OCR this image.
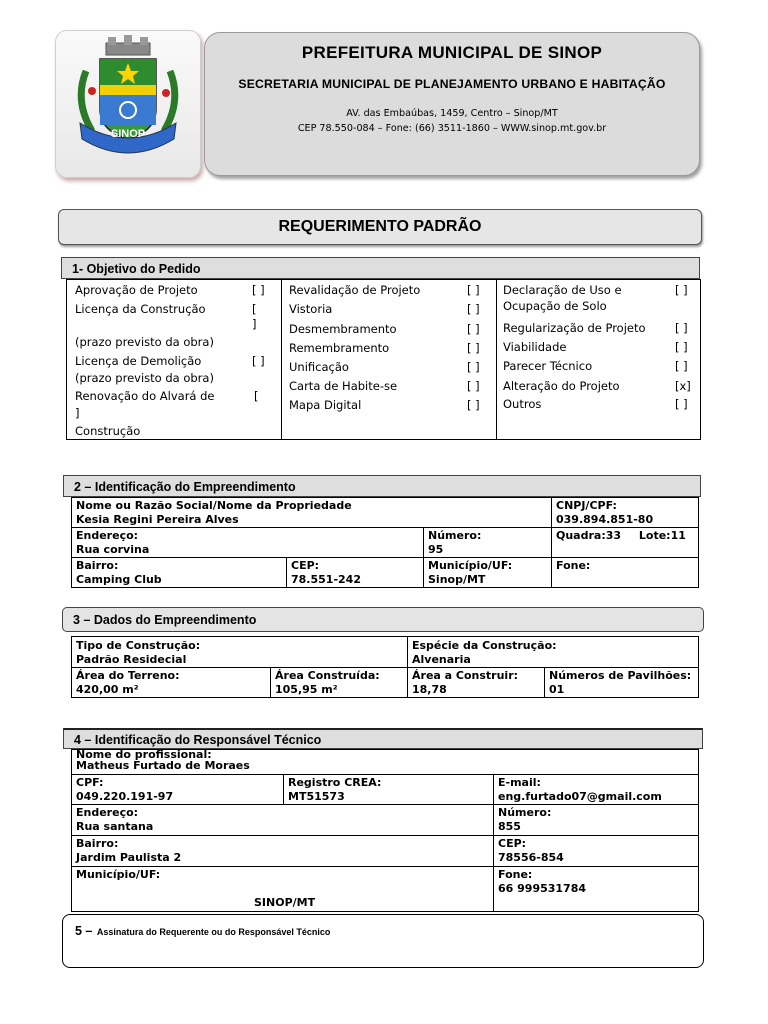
SINOP
PREFEITURA MUNICIPAL DE SINOP
SECRETARIA MUNICIPAL DE PLANEJAMENTO URBANO E HABITAÇÃO
AV. das Embaúbas, 1459, Centro – Sinop/MT
CEP 78.550-084 – Fone: (66) 3511-1860 – WWW.sinop.mt.gov.br
REQUERIMENTO PADRÃO
1- Objetivo do Pedido
Aprovação de Projeto	[ ]
Licença da Construção	[
]
(prazo previsto da obra)
Licença de Demolição	[ ]
(prazo previsto da obra)
Renovação do Alvará de	[
]
Construção
Revalidação de Projeto	[ ]
Vistoria	[ ]
Desmembramento	[ ]
Remembramento	[ ]
Unificação	[ ]
Carta de Habite-se	[ ]
Mapa Digital	[ ]
Declaração de Uso e
Ocupação de Solo
[ ]
Regularização de Projeto	[ ]
Viabilidade	[ ]
Parecer Técnico	[ ]
Alteração do Projeto	[x]
Outros	[ ]
2 – Identificação do Empreendimento
Nome ou Razão Social/Nome da Propriedade
Kesia Regini Pereira Alves
CNPJ/CPF:
039.894.851-80
Endereço:
Rua corvina
Número:
95
Quadra:33 Lote:11
Bairro:
Camping Club
CEP:
78.551-242
Município/UF:
Sinop/MT
Fone:
3 – Dados do Empreendimento
Tipo de Construção:
Padrão Residecial
Espécie da Construção:
Alvenaria
Área do Terreno:
420,00 m²
Área Construída:
105,95 m²
Área a Construir:
18,78
Números de Pavilhões:
01
4 – Identificação do Responsável Técnico
Nome do profissional:
Matheus Furtado de Moraes
CPF:
049.220.191-97
Registro CREA:
MT51573
E-mail:
eng.furtado07@gmail.com
Endereço:
Rua santana
Número:
855
Bairro:
Jardim Paulista 2
CEP:
78556-854
Município/UF:
SINOP/MT
Fone:
66 999531784
5 – Assinatura do Requerente ou do Responsável Técnico
